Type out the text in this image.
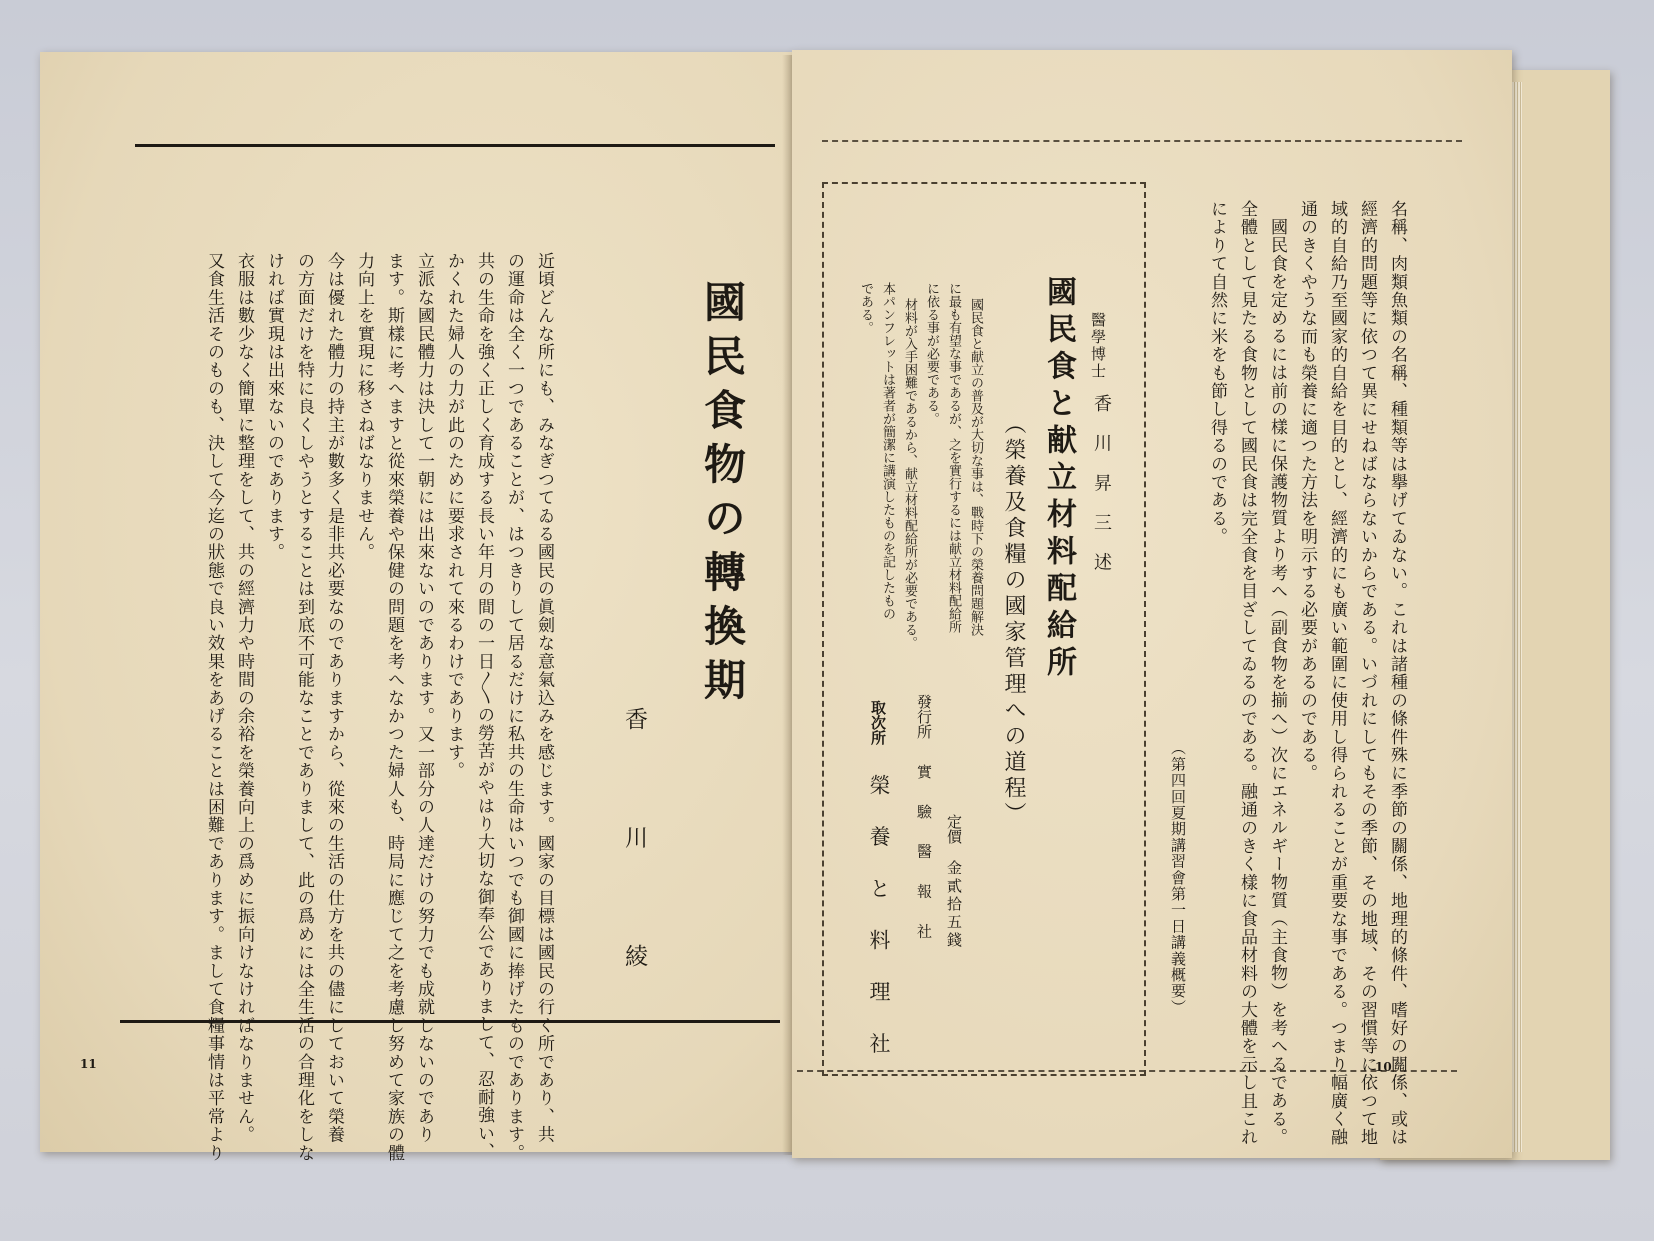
國民食物の轉換期
香 川 綾
近頃どんな所にも、みなぎつてゐる國民の眞劍な意氣込みを感じます。國家の目標は國民の行く所であり、共
の運命は全く一つであることが、はつきりして居るだけに私共の生命はいつでも御國に捧げたものであります。
共の生命を強く正しく育成する長い年月の間の一日〳〵の勞苦がやはり大切な御奉公でありまして、忍耐強い、
かくれた婦人の力が此のために要求されて來るわけであります。
立派な國民體力は決して一朝には出來ないのであります。又一部分の人達だけの努力でも成就しないのであり
ます。斯樣に考へますと從來榮養や保健の問題を考へなかつた婦人も、時局に應じて之を考慮し努めて家族の體
力向上を實現に移さねばなりません。
今は優れた體力の持主が數多く是非共必要なのでありますから、從來の生活の仕方を共の儘にしておいて榮養
の方面だけを特に良くしやうとすることは到底不可能なことでありまして、此の爲めには全生活の合理化をしな
ければ實現は出來ないのであります。
衣服は數少なく簡單に整理をして、共の經濟力や時間の余裕を榮養向上の爲めに振向けなければなりません。
又食生活そのものも、決して今迄の狀態で良い效果をあげることは困難であります。まして食糧事情は平常より
11	名稱、肉類魚類の名稱、種類等は擧げてゐない。これは諸種の條件殊に季節の關係、地理的條件、嗜好の關係、或は
經濟的問題等に依つて異にせねばならないからである。いづれにしてもその季節、その地域、その習慣等に依つて地
域的自給乃至國家的自給を目的とし、經濟的にも廣い範圍に使用し得られることが重要な事である。つまり幅廣く融
通のきくやうな而も榮養に適つた方法を明示する必要があるのである。
國民食を定めるには前の樣に保護物質より考へ（副食物を揃へ）次にエネルギー物質（主食物）を考へるである。
全體として見たる食物として國民食は完全食を目ざしてゐるのである。融通のきく樣に食品材料の大體を示し且これ
によりて自然に米をも節し得るのである。
（第四回夏期講習會第一日講義概要）
醫學博士
香 川 昇 三 述
國民食と献立材料配給所
（榮養及食糧の國家管理への道程）
國民食と献立の普及が大切な事は、戰時下の榮養問題解決
に最も有望な事であるが、之を實行するには献立材料配給所
に依る事が必要である。
材料が入手困難であるから、献立材料配給所が必要である。
本パンフレットは著者が簡潔に講演したものを記したもの
である。
定價
金貳拾五錢
發行所
實 驗 醫 報 社
取次所
榮 養 と 料 理 社
10
